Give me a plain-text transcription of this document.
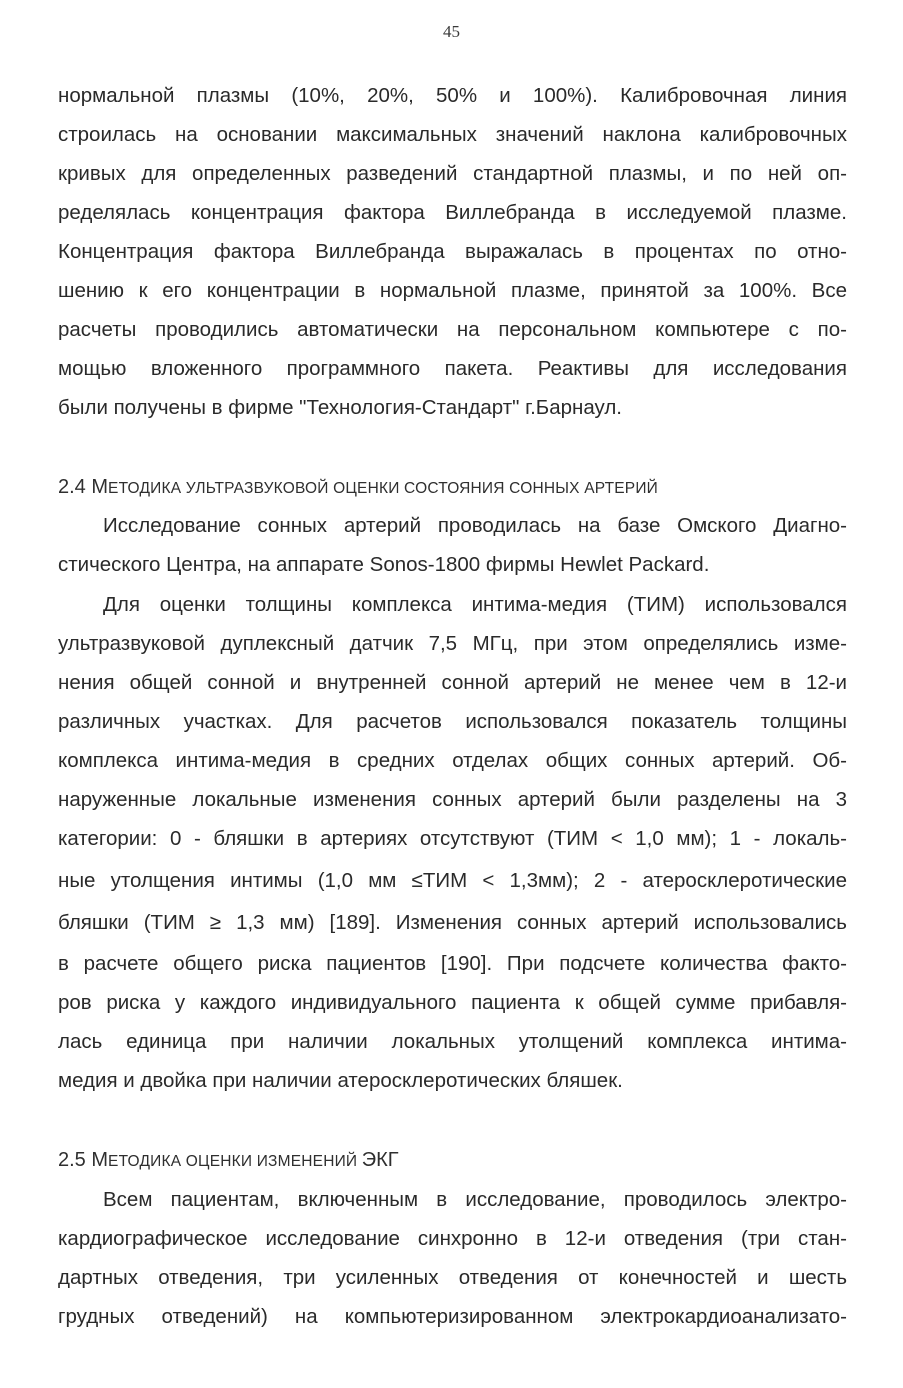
45
нормальной плазмы (10%, 20%, 50% и 100%). Калибровочная линия
строилась на основании максимальных значений наклона калибровочных
кривых для определенных разведений стандартной плазмы, и по ней оп-
ределялась концентрация фактора Виллебранда в исследуемой плазме.
Концентрация фактора Виллебранда выражалась в процентах по отно-
шению к его концентрации в нормальной плазме, принятой за 100%. Все
расчеты проводились автоматически на персональном компьютере с по-
мощью вложенного программного пакета. Реактивы для исследования
были получены в фирме "Технология-Стандарт" г.Барнаул.
2.4 МЕТОДИКА УЛЬТРАЗВУКОВОЙ ОЦЕНКИ СОСТОЯНИЯ СОННЫХ АРТЕРИЙ
Исследование сонных артерий проводилась на базе Омского Диагно-
стического Центра, на аппарате Sonos-1800 фирмы Hewlet Packard.
Для оценки толщины комплекса интима-медия (ТИМ) использовался
ультразвуковой дуплексный датчик 7,5 МГц, при этом определялись изме-
нения общей сонной и внутренней сонной артерий не менее чем в 12-и
различных участках. Для расчетов использовался показатель толщины
комплекса интима-медия в средних отделах общих сонных артерий. Об-
наруженные локальные изменения сонных артерий были разделены на 3
категории: 0 - бляшки в артериях отсутствуют (ТИМ < 1,0 мм); 1 - локаль-
ные утолщения интимы (1,0 мм ≤ТИМ < 1,3мм); 2 - атеросклеротические
бляшки (ТИМ ≥ 1,3 мм) [189]. Изменения сонных артерий использовались
в расчете общего риска пациентов [190]. При подсчете количества факто-
ров риска у каждого индивидуального пациента к общей сумме прибавля-
лась единица при наличии локальных утолщений комплекса интима-
медия и двойка при наличии атеросклеротических бляшек.
2.5 МЕТОДИКА ОЦЕНКИ ИЗМЕНЕНИЙ ЭКГ
Всем пациентам, включенным в исследование, проводилось электро-
кардиографическое исследование синхронно в 12-и отведения (три стан-
дартных отведения, три усиленных отведения от конечностей и шесть
грудных отведений) на компьютеризированном электрокардиоанализато-
